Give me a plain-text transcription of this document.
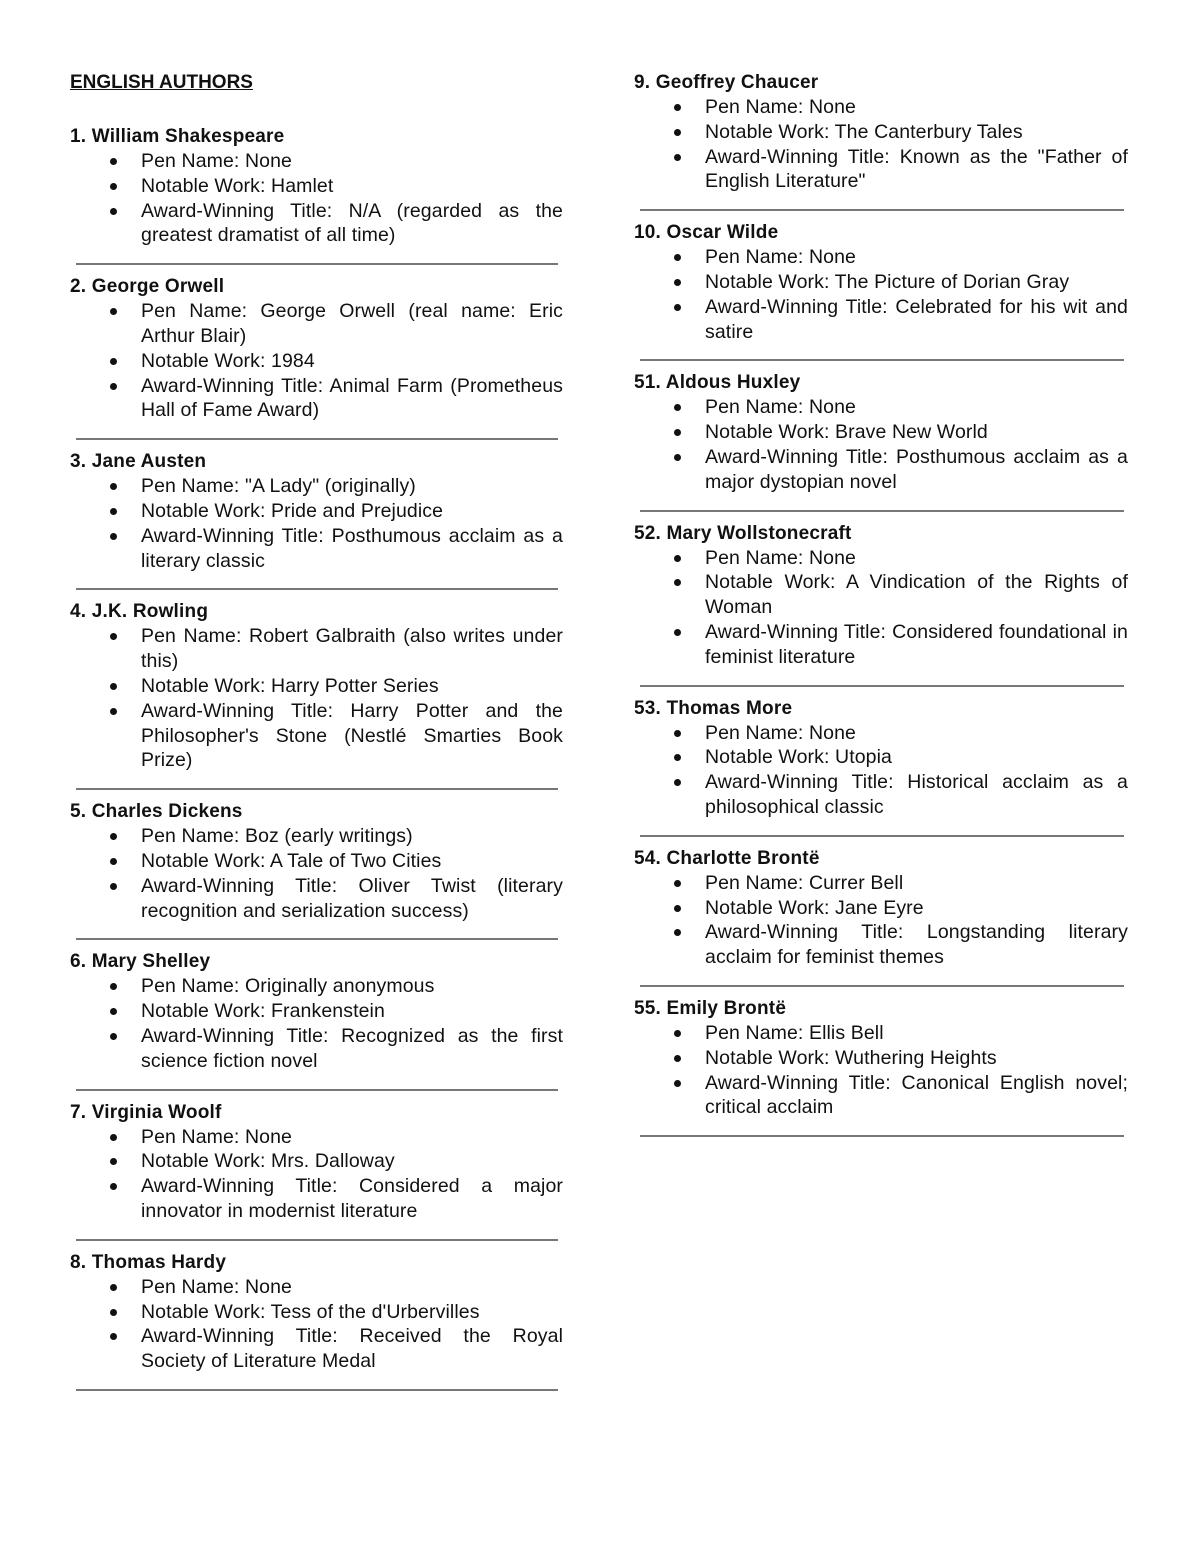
ENGLISH AUTHORS
1. William Shakespeare
Pen Name: None
Notable Work: Hamlet
Award-Winning Title: N/A (regarded as the greatest dramatist of all time)
2. George Orwell
Pen Name: George Orwell (real name: Eric Arthur Blair)
Notable Work: 1984
Award-Winning Title: Animal Farm (Prometheus Hall of Fame Award)
3. Jane Austen
Pen Name: "A Lady" (originally)
Notable Work: Pride and Prejudice
Award-Winning Title: Posthumous acclaim as a literary classic
4. J.K. Rowling
Pen Name: Robert Galbraith (also writes under this)
Notable Work: Harry Potter Series
Award-Winning Title: Harry Potter and the Philosopher's Stone (Nestlé Smarties Book Prize)
5. Charles Dickens
Pen Name: Boz (early writings)
Notable Work: A Tale of Two Cities
Award-Winning Title: Oliver Twist (literary recognition and serialization success)
6. Mary Shelley
Pen Name: Originally anonymous
Notable Work: Frankenstein
Award-Winning Title: Recognized as the first science fiction novel
7. Virginia Woolf
Pen Name: None
Notable Work: Mrs. Dalloway
Award-Winning Title: Considered a major innovator in modernist literature
8. Thomas Hardy
Pen Name: None
Notable Work: Tess of the d'Urbervilles
Award-Winning Title: Received the Royal Society of Literature Medal
9. Geoffrey Chaucer
Pen Name: None
Notable Work: The Canterbury Tales
Award-Winning Title: Known as the "Father of English Literature"
10. Oscar Wilde
Pen Name: None
Notable Work: The Picture of Dorian Gray
Award-Winning Title: Celebrated for his wit and satire
51. Aldous Huxley
Pen Name: None
Notable Work: Brave New World
Award-Winning Title: Posthumous acclaim as a major dystopian novel
52. Mary Wollstonecraft
Pen Name: None
Notable Work: A Vindication of the Rights of Woman
Award-Winning Title: Considered foundational in feminist literature
53. Thomas More
Pen Name: None
Notable Work: Utopia
Award-Winning Title: Historical acclaim as a philosophical classic
54. Charlotte Brontë
Pen Name: Currer Bell
Notable Work: Jane Eyre
Award-Winning Title: Longstanding literary acclaim for feminist themes
55. Emily Brontë
Pen Name: Ellis Bell
Notable Work: Wuthering Heights
Award-Winning Title: Canonical English novel; critical acclaim
